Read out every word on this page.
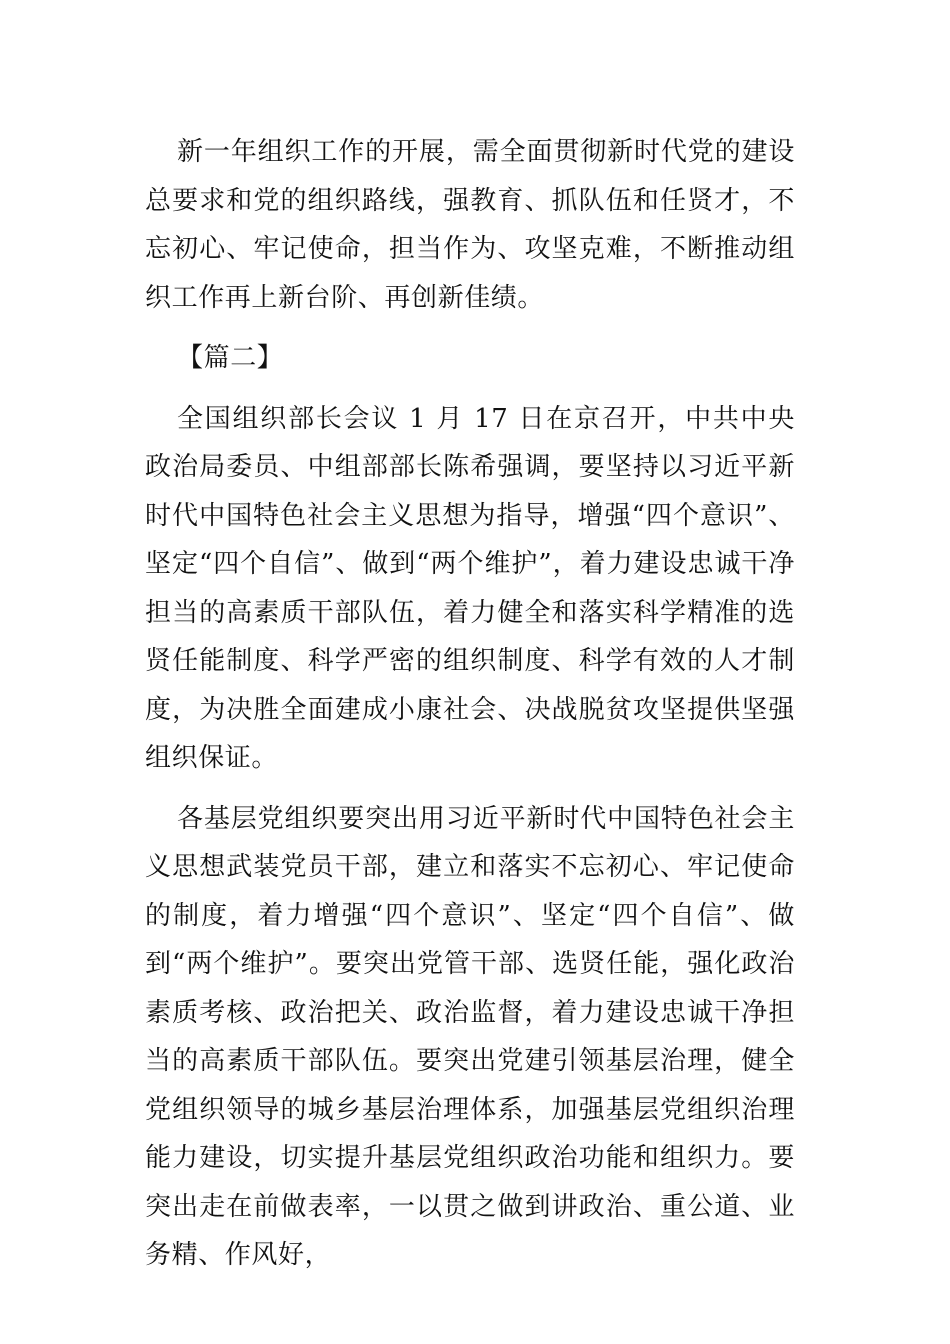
新一年组织工作的开展，需全面贯彻新时代党的建设总要求和党的组织路线，强教育、抓队伍和任贤才，不忘初心、牢记使命，担当作为、攻坚克难，不断推动组织工作再上新台阶、再创新佳绩。

【篇二】

全国组织部长会议 1 月 17 日在京召开，中共中央政治局委员、中组部部长陈希强调，要坚持以习近平新时代中国特色社会主义思想为指导，增强“四个意识”、坚定“四个自信”、做到“两个维护”，着力建设忠诚干净担当的高素质干部队伍，着力健全和落实科学精准的选贤任能制度、科学严密的组织制度、科学有效的人才制度，为决胜全面建成小康社会、决战脱贫攻坚提供坚强组织保证。

各基层党组织要突出用习近平新时代中国特色社会主义思想武装党员干部，建立和落实不忘初心、牢记使命的制度，着力增强“四个意识”、坚定“四个自信”、做到“两个维护”。要突出党管干部、选贤任能，强化政治素质考核、政治把关、政治监督，着力建设忠诚干净担当的高素质干部队伍。要突出党建引领基层治理，健全党组织领导的城乡基层治理体系，加强基层党组织治理能力建设，切实提升基层党组织政治功能和组织力。要突出走在前做表率，一以贯之做到讲政治、重公道、业务精、作风好，
